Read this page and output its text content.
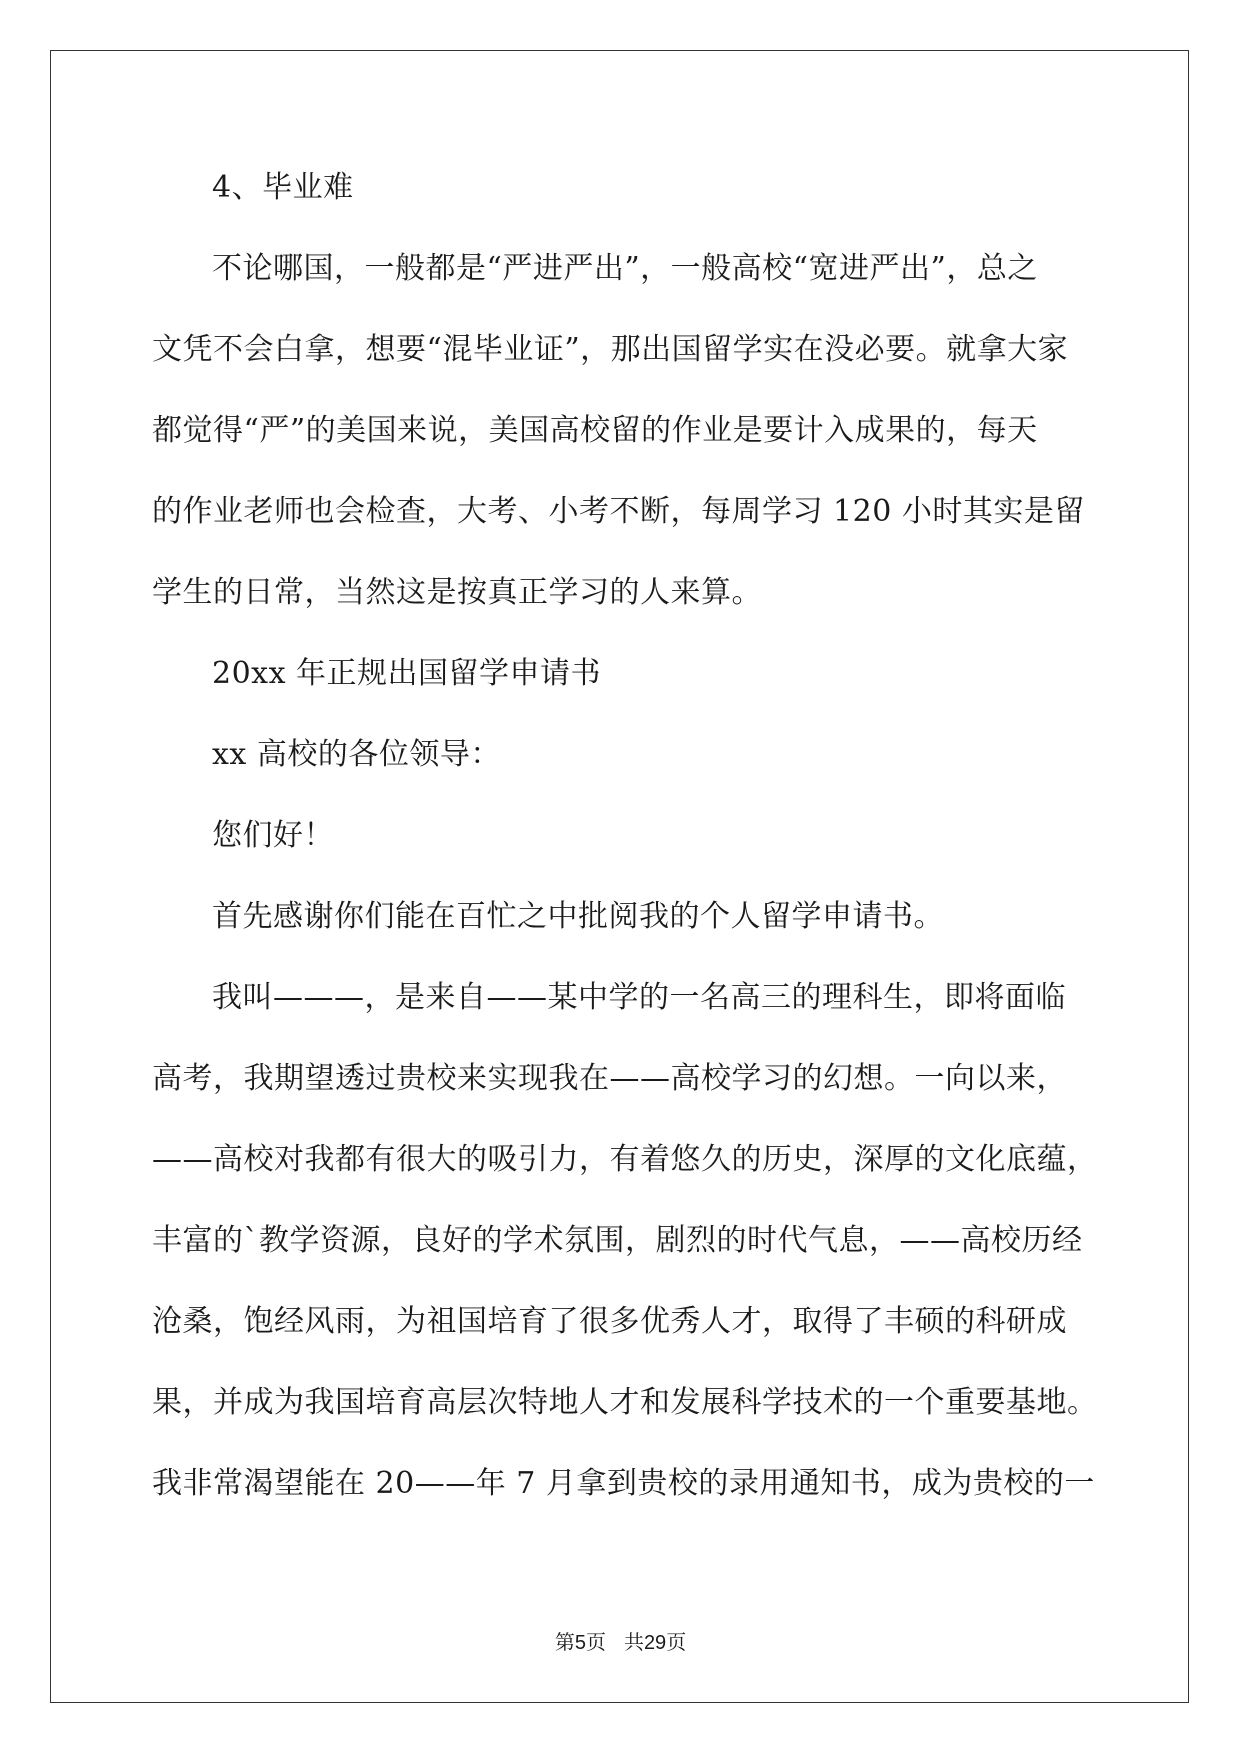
4、毕业难
不论哪国，一般都是“严进严出”，一般高校“宽进严出”，总之
文凭不会白拿，想要“混毕业证”，那出国留学实在没必要。就拿大家
都觉得“严”的美国来说，美国高校留的作业是要计入成果的，每天
的作业老师也会检查，大考、小考不断，每周学习 120 小时其实是留
学生的日常，当然这是按真正学习的人来算。
20xx 年正规出国留学申请书
xx 高校的各位领导：
您们好！
首先感谢你们能在百忙之中批阅我的个人留学申请书。
我叫———，是来自——某中学的一名高三的理科生，即将面临
高考，我期望透过贵校来实现我在——高校学习的幻想。一向以来，
——高校对我都有很大的吸引力，有着悠久的历史，深厚的文化底蕴，
丰富的`教学资源，良好的学术氛围，剧烈的时代气息，——高校历经
沧桑，饱经风雨，为祖国培育了很多优秀人才，取得了丰硕的科研成
果，并成为我国培育高层次特地人才和发展科学技术的一个重要基地。
我非常渴望能在 20——年 7 月拿到贵校的录用通知书，成为贵校的一
第5页 共29页
